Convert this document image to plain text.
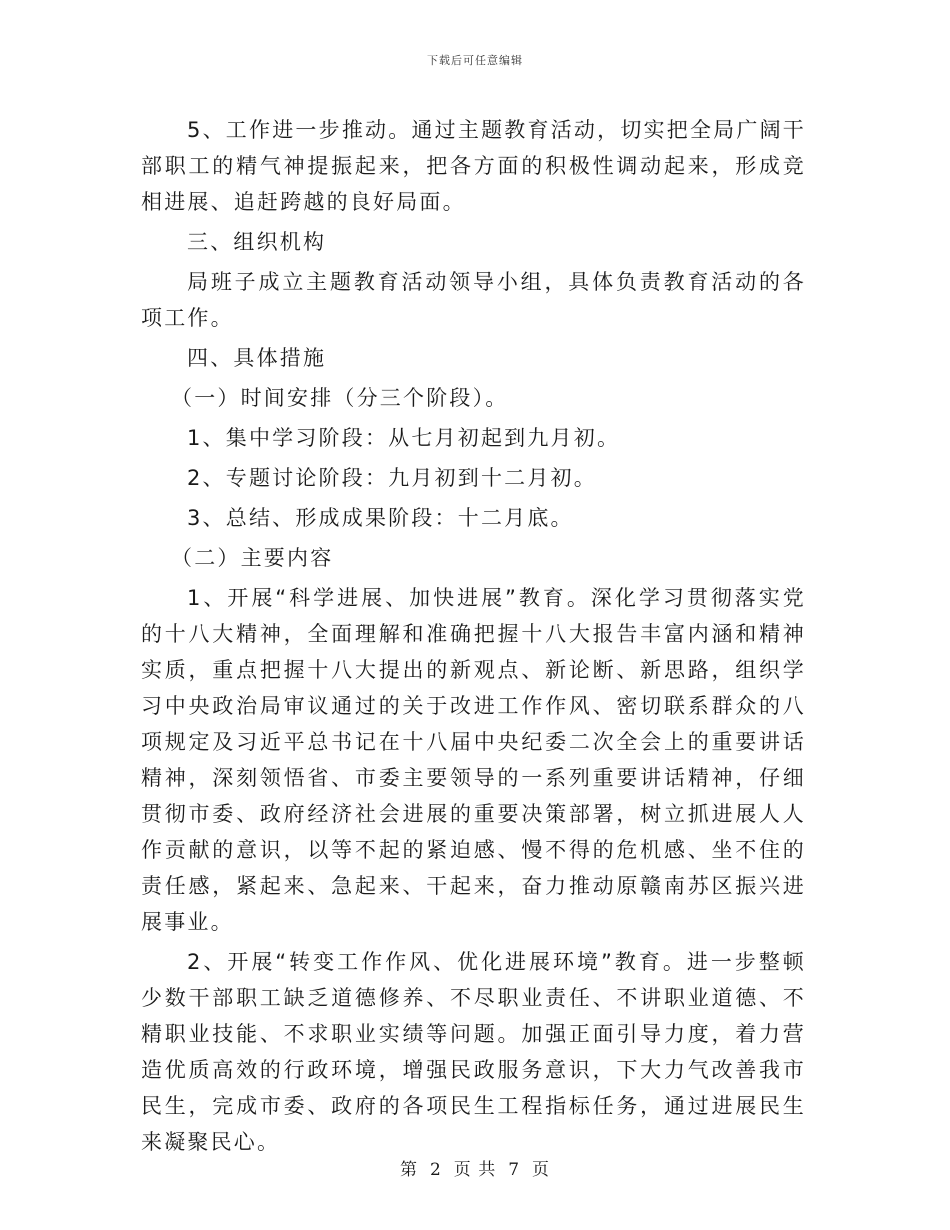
下载后可任意编辑

5、工作进一步推动。通过主题教育活动，切实把全局广阔干部职工的精气神提振起来，把各方面的积极性调动起来，形成竞相进展、追赶跨越的良好局面。

三、组织机构

局班子成立主题教育活动领导小组，具体负责教育活动的各项工作。

四、具体措施

（一）时间安排（分三个阶段）。

1、集中学习阶段：从七月初起到九月初。

2、专题讨论阶段：九月初到十二月初。

3、总结、形成成果阶段：十二月底。

（二）主要内容

1、开展“科学进展、加快进展”教育。深化学习贯彻落实党的十八大精神，全面理解和准确把握十八大报告丰富内涵和精神实质，重点把握十八大提出的新观点、新论断、新思路，组织学习中央政治局审议通过的关于改进工作作风、密切联系群众的八项规定及习近平总书记在十八届中央纪委二次全会上的重要讲话精神，深刻领悟省、市委主要领导的一系列重要讲话精神，仔细贯彻市委、政府经济社会进展的重要决策部署，树立抓进展人人作贡献的意识，以等不起的紧迫感、慢不得的危机感、坐不住的责任感，紧起来、急起来、干起来，奋力推动原赣南苏区振兴进展事业。

2、开展“转变工作作风、优化进展环境”教育。进一步整顿少数干部职工缺乏道德修养、不尽职业责任、不讲职业道德、不精职业技能、不求职业实绩等问题。加强正面引导力度，着力营造优质高效的行政环境，增强民政服务意识，下大力气改善我市民生，完成市委、政府的各项民生工程指标任务，通过进展民生来凝聚民心。

第 2 页 共 7 页
